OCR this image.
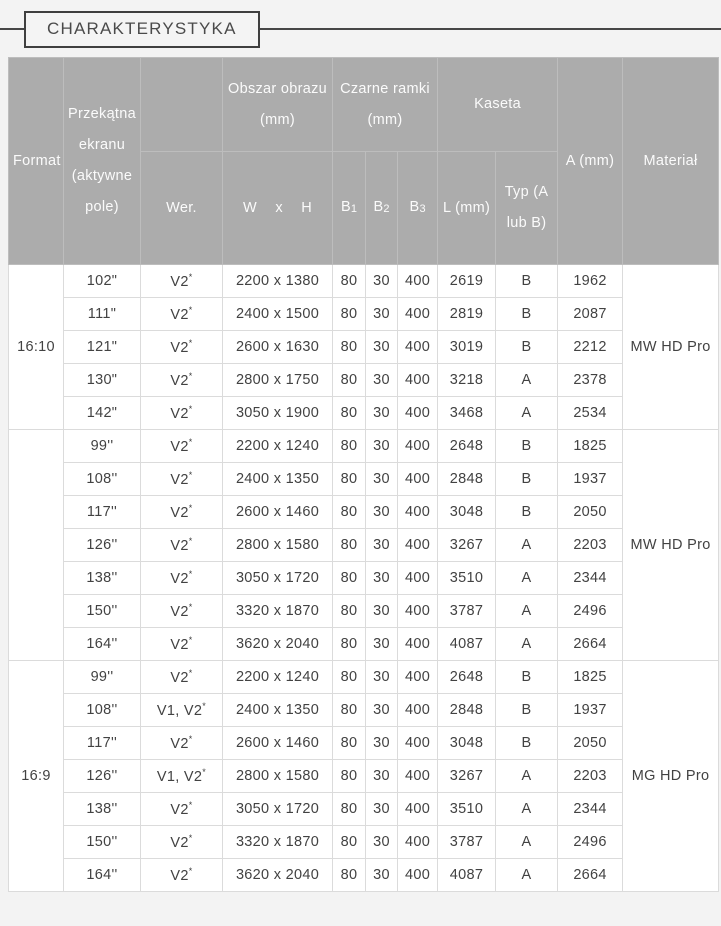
CHARAKTERYSTYKA
Format	Przekątna ekranu (aktywne pole)		Obszar obrazu (mm)	Czarne ramki (mm)			Kaseta		A (mm)	Materiał
		Wer.	W x H	B1	B2	B3	L (mm)	Typ (A lub B)		
16:10	102"	V2*	2200 x 1380	80	30	400	2619	B	1962	MW HD Pro
	111"	V2*	2400 x 1500	80	30	400	2819	B	2087	
	121"	V2*	2600 x 1630	80	30	400	3019	B	2212	
	130"	V2*	2800 x 1750	80	30	400	3218	A	2378	
	142"	V2*	3050 x 1900	80	30	400	3468	A	2534	
	99''	V2*	2200 x 1240	80	30	400	2648	B	1825	MW HD Pro
	108''	V2*	2400 x 1350	80	30	400	2848	B	1937	
	117''	V2*	2600 x 1460	80	30	400	3048	B	2050	
	126''	V2*	2800 x 1580	80	30	400	3267	A	2203	
	138''	V2*	3050 x 1720	80	30	400	3510	A	2344	
	150''	V2*	3320 x 1870	80	30	400	3787	A	2496	
	164''	V2*	3620 x 2040	80	30	400	4087	A	2664	
16:9	99''	V2*	2200 x 1240	80	30	400	2648	B	1825	MG HD Pro
	108''	V1, V2*	2400 x 1350	80	30	400	2848	B	1937	
	117''	V2*	2600 x 1460	80	30	400	3048	B	2050	
	126''	V1, V2*	2800 x 1580	80	30	400	3267	A	2203	
	138''	V2*	3050 x 1720	80	30	400	3510	A	2344	
	150''	V2*	3320 x 1870	80	30	400	3787	A	2496	
	164''	V2*	3620 x 2040	80	30	400	4087	A	2664	
